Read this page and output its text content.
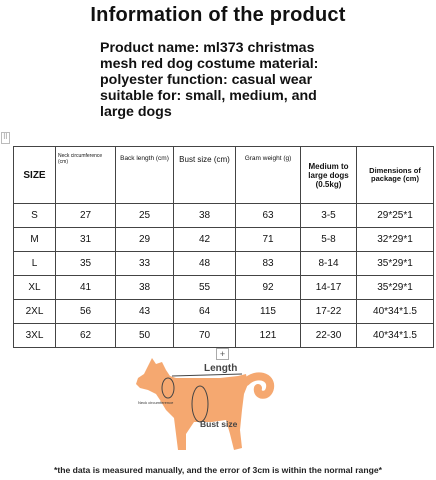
Information of the product
Product name: ml373 christmas
mesh red dog costume material:
polyester function: casual wear
suitable for: small, medium, and
large dogs
⠿
SIZE	Neck circumference (cm)	Back length (cm)	Bust size (cm)	Gram weight (g)	Medium to large dogs (0.5kg)	Dimensions of package (cm)
S	27	25	38	63	3-5	29*25*1
M	31	29	42	71	5-8	32*29*1
L	35	33	48	83	8-14	35*29*1
XL	41	38	55	92	14-17	35*29*1
2XL	56	43	64	115	17-22	40*34*1.5
3XL	62	50	70	121	22-30	40*34*1.5
+
Length
Neck circumference
Bust size
*the data is measured manually, and the error of 3cm is within the normal range*
